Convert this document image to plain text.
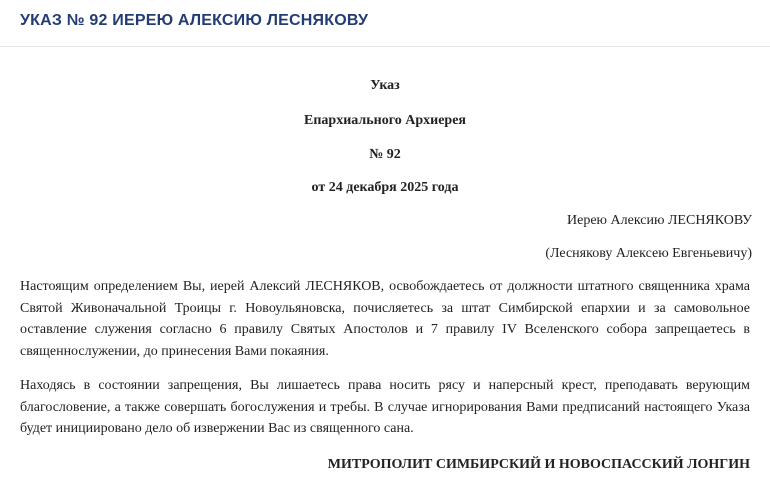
УКАЗ № 92 ИЕРЕЮ АЛЕКСИЮ ЛЕСНЯКОВУ
Указ
Епархиального Архиерея
№ 92
от 24 декабря 2025 года
Иерею Алексию ЛЕСНЯКОВУ
(Леснякову Алексею Евгеньевичу)

Настоящим определением Вы, иерей Алексий ЛЕСНЯКОВ, освобождаетесь от должности штатного священника храма Святой Живоначальной Троицы г. Новоульяновска, почисляетесь за штат Симбирской епархии и за самовольное оставление служения согласно 6 правилу Святых Апостолов и 7 правилу IV Вселенского собора запрещаетесь в священнослужении, до принесения Вами покаяния.

Находясь в состоянии запрещения, Вы лишаетесь права носить рясу и наперсный крест, преподавать верующим благословение, а также совершать богослужения и требы. В случае игнорирования Вами предписаний настоящего Указа будет инициировано дело об извержении Вас из священного сана.

МИТРОПОЛИТ СИМБИРСКИЙ И НОВОСПАССКИЙ ЛОНГИН
